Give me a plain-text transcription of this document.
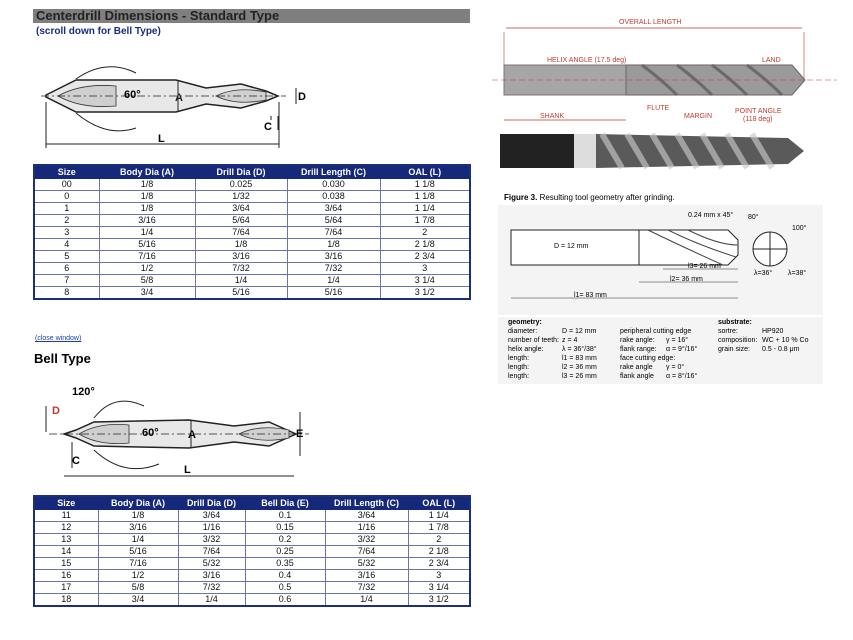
Centerdrill Dimensions - Standard Type
(scroll down for Bell Type)
60°	A	D
C
L
Size	Body Dia (A)	Drill Dia (D)	Drill Length (C)	OAL (L)
00	1/8	0.025	0.030	1 1/8
0	1/8	1/32	0.038	1 1/8
1	1/8	3/64	3/64	1 1/4
2	3/16	5/64	5/64	1 7/8
3	1/4	7/64	7/64	2
4	5/16	1/8	1/8	2 1/8
5	7/16	3/16	3/16	2 3/4
6	1/2	7/32	7/32	3
7	5/8	1/4	1/4	3 1/4
8	3/4	5/16	5/16	3 1/2
(close window)
Bell Type
120°
60°
D
A	E
C
L
Size	Body Dia (A)	Drill Dia (D)	Bell Dia (E)	Drill Length (C)	OAL (L)
11	1/8	3/64	0.1	3/64	1 1/4
12	3/16	1/16	0.15	1/16	1 7/8
13	1/4	3/32	0.2	3/32	2
14	5/16	7/64	0.25	7/64	2 1/8
15	7/16	5/32	0.35	5/32	2 3/4
16	1/2	3/16	0.4	3/16	3
17	5/8	7/32	0.5	7/32	3 1/4
18	3/4	1/4	0.6	1/4	3 1/2
OVERALL LENGTH
HELIX ANGLE (17.5 deg)	LAND
FLUTE
MARGIN
POINT ANGLE
(118 deg)
SHANK
Figure 3. Resulting tool geometry after grinding.
0.24 mm x 45°
D = 12 mm
80°
100°
l3= 26 mm
λ=36° λ=38°
l2= 36 mm
l1= 83 mm
geometry:
diameter:	D = 12 mm
number of teeth: z = 4
helix angle:	λ = 36°/38°
length:	l1 = 83 mm
length:	l2 = 36 mm
length:	l3 = 26 mm
peripheral cutting edge
rake angle: γ = 16°
flank range: α = 9°/16°
face cutting edge:
rake angle γ = 0°
flank angle α = 8°/16°
substrate:
sortre:	HP920
composition: WC + 10 % Co
grain size: 0.5 - 0.8 μm
